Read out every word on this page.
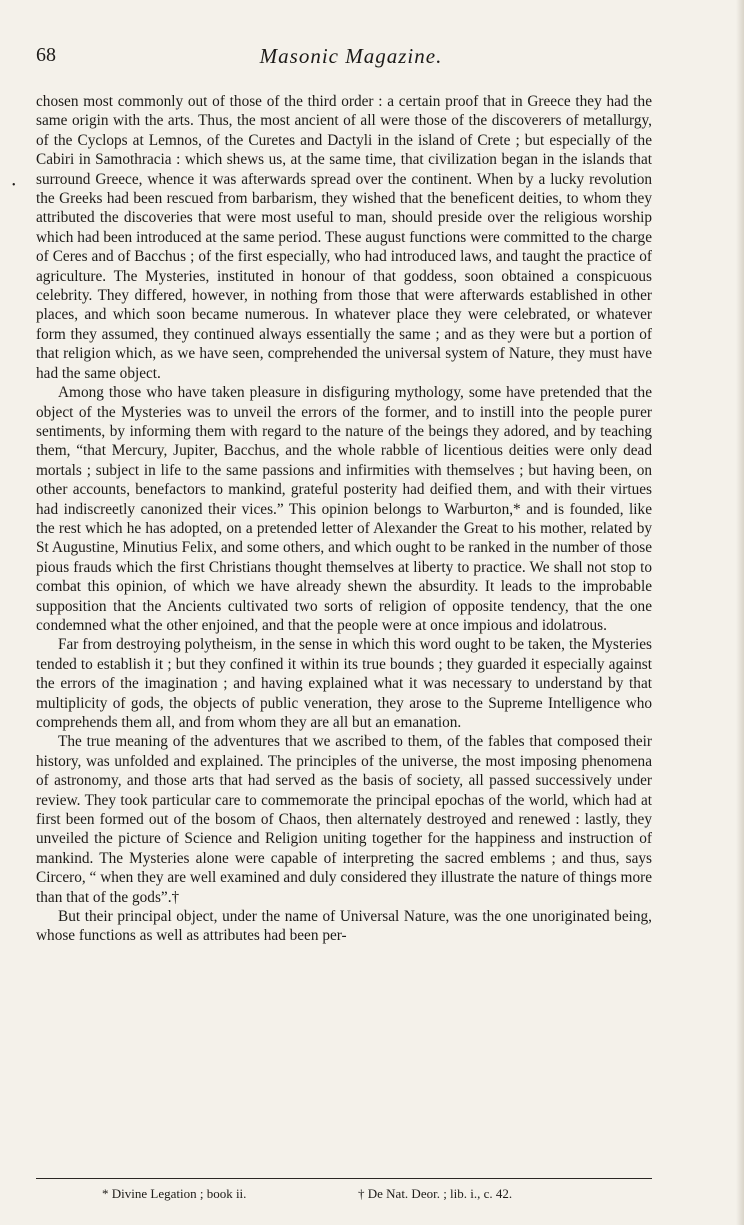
•
68	Masonic Magazine.

chosen most commonly out of those of the third order : a certain proof that in Greece they had the same origin with the arts. Thus, the most ancient of all were those of the discoverers of metallurgy, of the Cyclops at Lemnos, of the Curetes and Dactyli in the island of Crete ; but especially of the Cabiri in Samothracia : which shews us, at the same time, that civilization began in the islands that surround Greece, whence it was afterwards spread over the continent. When by a lucky revolution the Greeks had been rescued from barbarism, they wished that the beneficent deities, to whom they attributed the discoveries that were most useful to man, should preside over the religious worship which had been introduced at the same period. These august functions were committed to the charge of Ceres and of Bacchus ; of the first especially, who had introduced laws, and taught the practice of agriculture. The Mysteries, instituted in honour of that goddess, soon obtained a conspicuous celebrity. They differed, however, in nothing from those that were afterwards established in other places, and which soon became numerous. In whatever place they were celebrated, or whatever form they assumed, they continued always essentially the same ; and as they were but a portion of that religion which, as we have seen, comprehended the universal system of Nature, they must have had the same object.

Among those who have taken pleasure in disfiguring mythology, some have pretended that the object of the Mysteries was to unveil the errors of the former, and to instill into the people purer sentiments, by informing them with regard to the nature of the beings they adored, and by teaching them, “that Mercury, Jupiter, Bacchus, and the whole rabble of licentious deities were only dead mortals ; subject in life to the same passions and infirmities with themselves ; but having been, on other accounts, benefactors to mankind, grateful posterity had deified them, and with their virtues had indiscreetly canonized their vices.” This opinion belongs to Warburton,* and is founded, like the rest which he has adopted, on a pretended letter of Alexander the Great to his mother, related by St Augustine, Minutius Felix, and some others, and which ought to be ranked in the number of those pious frauds which the first Christians thought themselves at liberty to practice. We shall not stop to combat this opinion, of which we have already shewn the absurdity. It leads to the improbable supposition that the Ancients cultivated two sorts of religion of opposite tendency, that the one condemned what the other enjoined, and that the people were at once impious and idolatrous.

Far from destroying polytheism, in the sense in which this word ought to be taken, the Mysteries tended to establish it ; but they confined it within its true bounds ; they guarded it especially against the errors of the imagination ; and having explained what it was necessary to understand by that multiplicity of gods, the objects of public veneration, they arose to the Supreme Intelligence who comprehends them all, and from whom they are all but an emanation.

The true meaning of the adventures that we ascribed to them, of the fables that composed their history, was unfolded and explained. The principles of the universe, the most imposing phenomena of astronomy, and those arts that had served as the basis of society, all passed successively under review. They took particular care to commemorate the principal epochas of the world, which had at first been formed out of the bosom of Chaos, then alternately destroyed and renewed : lastly, they unveiled the picture of Science and Religion uniting together for the happiness and instruction of mankind. The Mysteries alone were capable of interpreting the sacred emblems ; and thus, says Circero, “ when they are well examined and duly considered they illustrate the nature of things more than that of the gods”.†

But their principal object, under the name of Universal Nature, was the one unoriginated being, whose functions as well as attributes had been per-

* Divine Legation ; book ii.	† De Nat. Deor. ; lib. i., c. 42.
